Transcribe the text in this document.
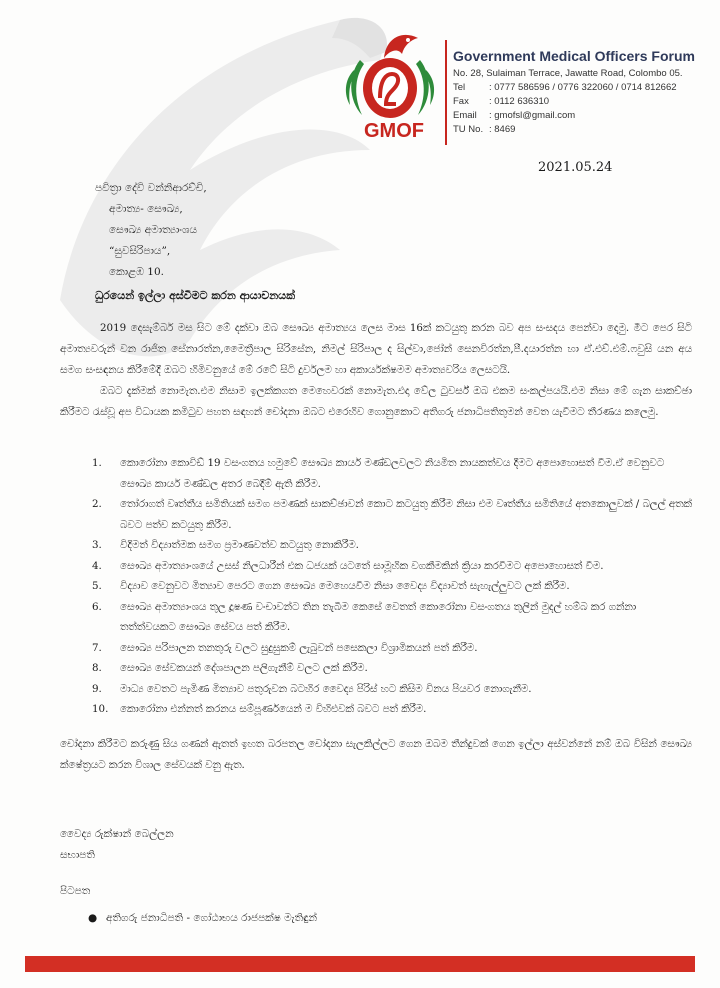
GMOF
Government Medical Officers Forum
No. 28, Sulaiman Terrace, Jawatte Road, Colombo 05.
Tel	: 0777 586596 / 0776 322060 / 0714 812662
Fax : 0112 636310
Email : gmofsl@gmail.com
TU No. : 8469
2021.05.24
පවිත්‍රා දේවි වන්නිආරච්චි,
අමාත්‍ය- සෞඛ්‍ය,
සෞඛ්‍ය අමාත්‍යාංශය
“සුවසිරිපාය”,
කොළඹ 10.
ධුරයෙන් ඉල්ලා අස්වීමට කරන ආයාචනයක්

2019 දෙසැම්බර් මස සිට මේ දක්වා ඔබ සෞඛ්‍ය අමාත්‍යය ලෙස මාස 16ක් කටයුතු කරන බව අප සංසදය පෙන්වා දෙමු. මීට පෙර සිටි අමාත්‍යවරුන් වන රාජිත සේනාරත්න,මෛත්‍රීපාල සිරිසේන, නිමල් සිරිපාල ද සිල්වා,ජෝන් සෙනවිරත්න,පී.දයාරත්න හා ඒ.එච්.එම්.ෆවුසි යන අය සමග සංසඳනය කිරීමේදී ඔබට හිමිවනුයේ මේ රටේ සිටි දුර්වලම හා අකාර්යක්ෂමම අමාත්‍යවරිය ලෙසටයි.

ඔබට දැක්මක් නොමැත.එම නිසාම ඉලක්කගත මෙහෙවරක් නොමැත.එදා වේල ටුවර්ස් ඔබ එකම සංකල්පයයි.එම නිසා මේ ගැන සාකච්ඡා කිරීමට රැස්වූ අප විධායක කමිටුව පහත සඳහන් චෝදනා ඔබට එරෙහිව ගොනුකොට අතිගරු ජනාධිපතිතුමන් වෙත යැවීමට තීරණය කලෙමු.

1. කොරෝනා කොවිඩ් 19 වසංගතය හමුවේ සෞඛ්‍ය කාර්ය මණ්ඩලවලට නියමිත නායකත්වය දීමට අපොහොසත් වීම.ඒ වෙනුවට සෞඛ්‍ය කාර්ය මණ්ඩල අතර බෙදීම් ඇති කිරීම.
2. තෝරාගත් වෘත්තීය සමිතියක් සමග පමණක් සාකච්ඡාවන් කොට කටයුතු කිරීම නිසා එම වෘත්තීය සමිතියේ අතකොලුවක් / බලල් අතක් බවට පත්ව කටයුතු කිරීම.
3. විදිමත් විද්‍යාත්මක සමග ප්‍රමාණවත්ව කටයුතු නොකිරීම.
4. සෞඛ්‍ය අමාත්‍යාංශයේ උසස් නිලධාරීන් එක ධජයක් යටතේ සාමූහික වගකීමකින් ක්‍රියා කරවීමට අපොහොසත් වීම.
5. විද්‍යාව වෙනුවට මිත්‍යාව පෙරට ගෙන සෞඛ්‍ය මෙහෙයවීම නිසා වෛද්‍ය විද්‍යාවත් සැහැල්ලුවට ලක් කිරීම.
6. සෞඛ්‍ය අමාත්‍යාංශය තුල දූෂණ වංචාවන්ට තින තැබීම කෙසේ වෙතත් කොරෝනා වසංගතය තුලින් මුදල් හම්බ කර ගන්නා තත්ත්වයකට සෞඛ්‍ය සේවය පත් කිරීම.
7. සෞඛ්‍ය පරිපාලන තනතුරු වලට සුදුසුකම් ලැබුවන් පසෙකලා විශ්‍රාමිකයන් පත් කිරීම.
8. සෞඛ්‍ය සේවකයන් දේශපාලන පලිගැනීම් වලට ලක් කිරීම.
9. මාධ්‍ය වෙතට පැමිණ මිත්‍යාව පතුරුවන බටහිර වෛද්‍ය පිරිස් හට කිසිම විනය පියවර නොගැනීම.
10. කොරෝනා එන්නත් කරනය සම්පූර්ණයෙන් ම විහිළුවක් බවට පත් කිරීම.
චෝදනා කිරීමට කරුණු සිය ගණන් ඇතත් ඉහත බරපතල චෝදනා සැලකිල්ලට ගෙන ඔබම තීන්දුවක් ගෙන ඉල්ලා අස්වන්නේ නම් ඔබ විසින් සෞඛ්‍ය ක්ෂේත්‍රයට කරන විශාල සේවයක් වනු ඇත.
වෛද්‍ය රුක්ෂාන් බෙල්ලන
සභාපති
පිටපත
● අතිගරු ජනාධිපති - ගෝඨාභය රාජපක්ෂ මැතිඳුන්
